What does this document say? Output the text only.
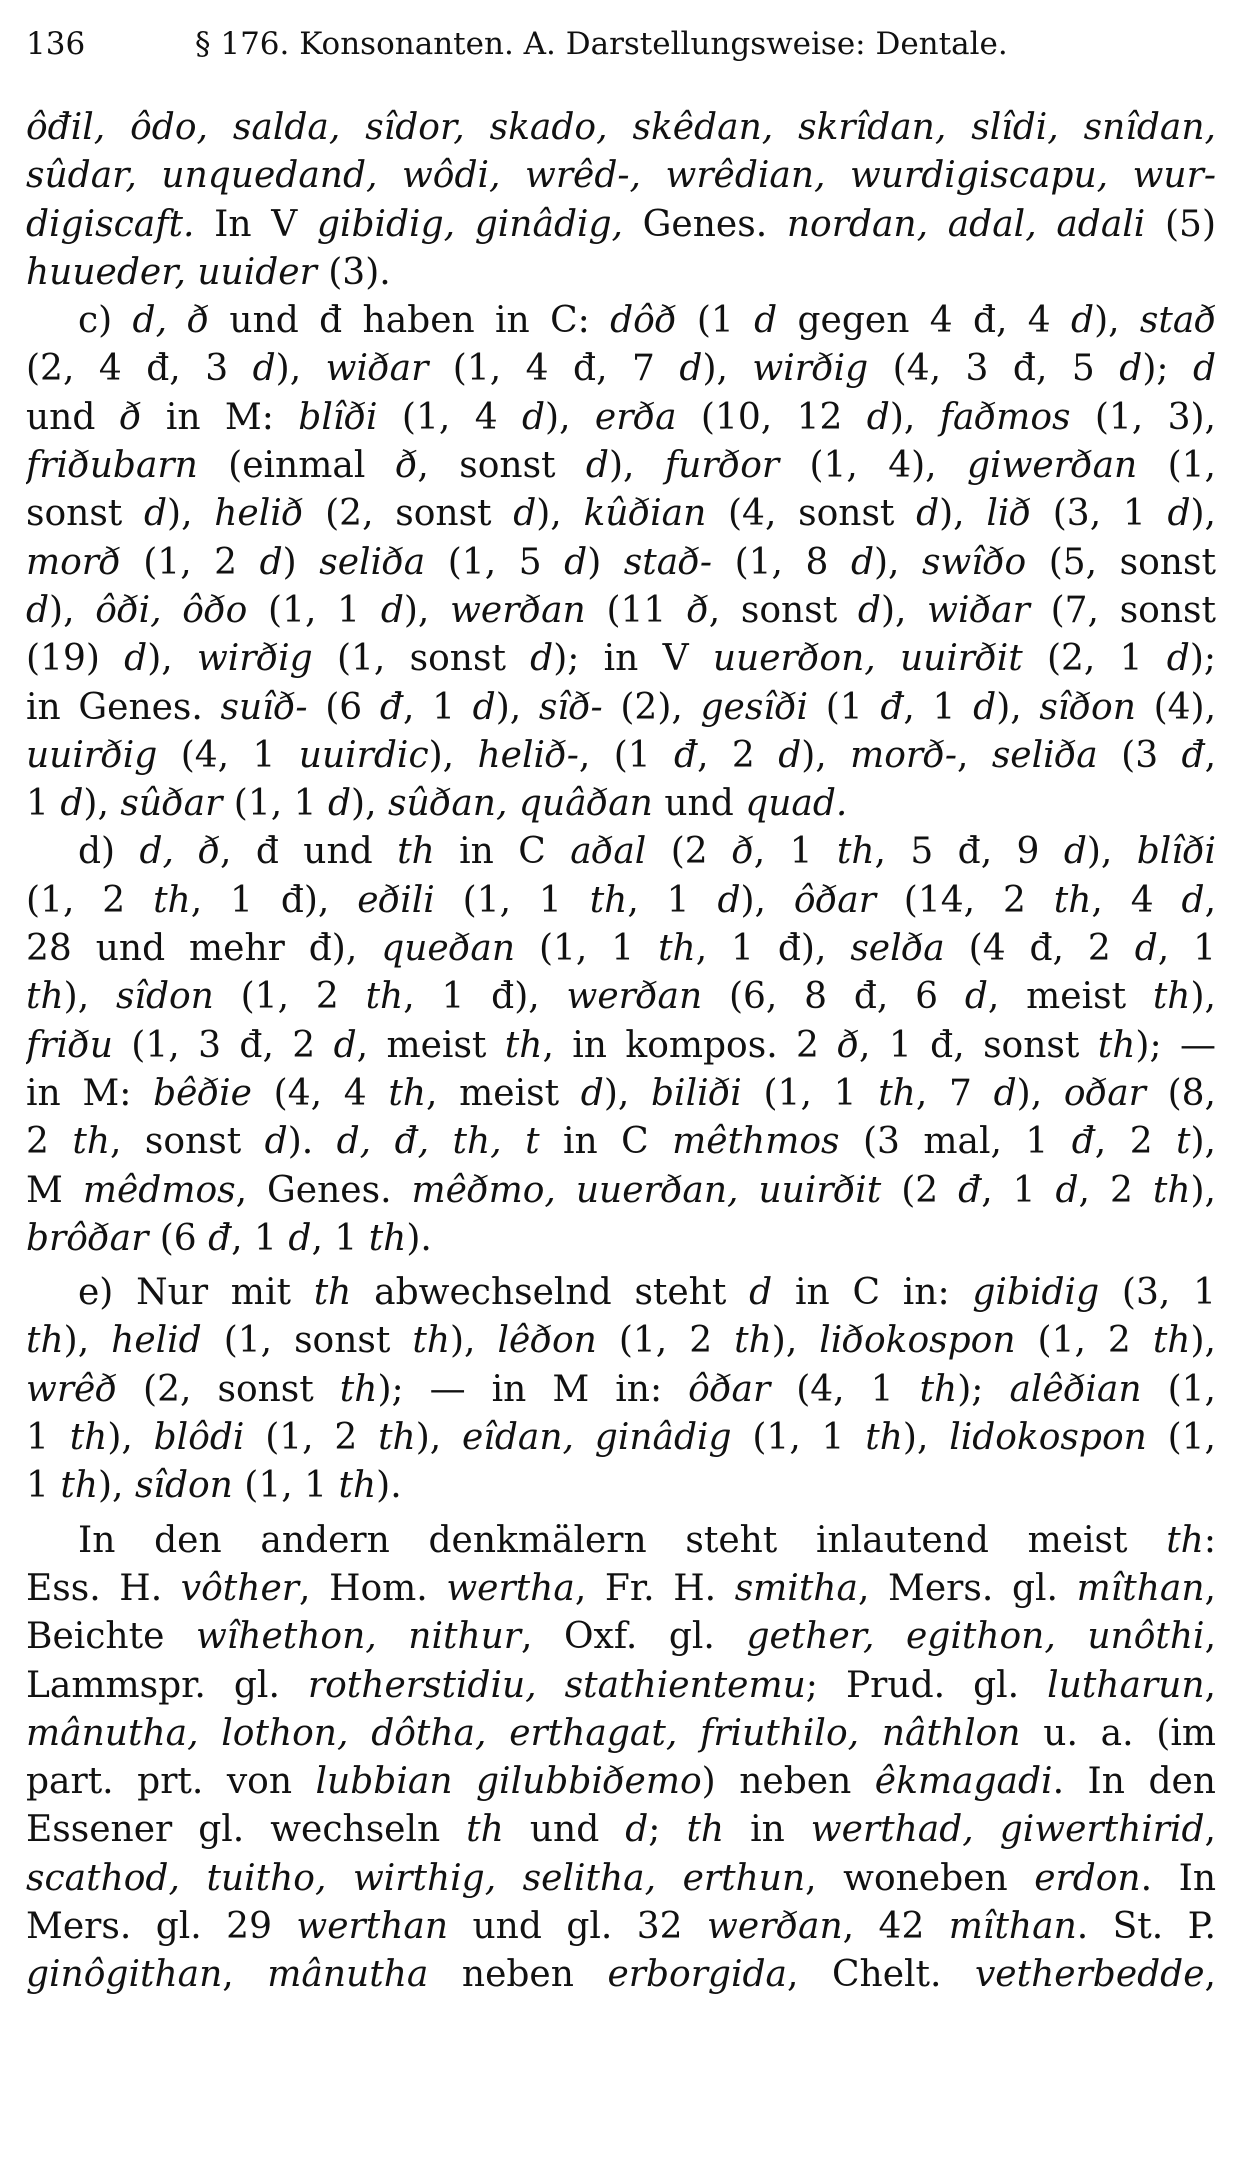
136	§ 176. Konsonanten. A. Darstellungsweise: Dentale.
ôđil, ôdo, salda, sîdor, skado, skêdan, skrîdan, slîdi, snîdan,
sûdar, unquedand, wôdi, wrêd-, wrêdian, wurdigiscapu, wur-
digiscaft. In V gibidig, ginâdig, Genes. nordan, adal, adali (5)
huueder, uuider (3).
c) d, ð und đ haben in C: dôð (1 d gegen 4 đ, 4 d), stað
(2, 4 đ, 3 d), wiðar (1, 4 đ, 7 d), wirðig (4, 3 đ, 5 d); d
und ð in M: blîði (1, 4 d), erða (10, 12 d), faðmos (1, 3),
friðubarn (einmal ð, sonst d), furðor (1, 4), giwerðan (1,
sonst d), helið (2, sonst d), kûðian (4, sonst d), lið (3, 1 d),
morð (1, 2 d) seliða (1, 5 d) stað- (1, 8 d), swîðo (5, sonst
d), ôði, ôðo (1, 1 d), werðan (11 ð, sonst d), wiðar (7, sonst
(19) d), wirðig (1, sonst d); in V uuerðon, uuirðit (2, 1 d);
in Genes. suîð- (6 đ, 1 d), sîð- (2), gesîði (1 đ, 1 d), sîðon (4),
uuirðig (4, 1 uuirdic), helið-, (1 đ, 2 d), morð-, seliða (3 đ,
1 d), sûðar (1, 1 d), sûðan, quâðan und quad.
d) d, ð, đ und th in C aðal (2 ð, 1 th, 5 đ, 9 d), blîði
(1, 2 th, 1 đ), eðili (1, 1 th, 1 d), ôðar (14, 2 th, 4 d,
28 und mehr đ), queðan (1, 1 th, 1 đ), selða (4 đ, 2 d, 1
th), sîdon (1, 2 th, 1 đ), werðan (6, 8 đ, 6 d, meist th),
friðu (1, 3 đ, 2 d, meist th, in kompos. 2 ð, 1 đ, sonst th); —
in M: bêðie (4, 4 th, meist d), biliði (1, 1 th, 7 d), oðar (8,
2 th, sonst d). d, đ, th, t in C mêthmos (3 mal, 1 đ, 2 t),
M mêdmos, Genes. mêðmo, uuerðan, uuirðit (2 đ, 1 d, 2 th),
brôðar (6 đ, 1 d, 1 th).
e) Nur mit th abwechselnd steht d in C in: gibidig (3, 1
th), helid (1, sonst th), lêðon (1, 2 th), liðokospon (1, 2 th),
wrêð (2, sonst th); — in M in: ôðar (4, 1 th); alêðian (1,
1 th), blôdi (1, 2 th), eîdan, ginâdig (1, 1 th), lidokospon (1,
1 th), sîdon (1, 1 th).
In den andern denkmälern steht inlautend meist th:
Ess. H. vôther, Hom. wertha, Fr. H. smitha, Mers. gl. mîthan,
Beichte wîhethon, nithur, Oxf. gl. gether, egithon, unôthi,
Lammspr. gl. rotherstidiu, stathientemu; Prud. gl. lutharun,
mânutha, lothon, dôtha, erthagat, friuthilo, nâthlon u. a. (im
part. prt. von lubbian gilubbiðemo) neben êkmagadi. In den
Essener gl. wechseln th und d; th in werthad, giwerthirid,
scathod, tuitho, wirthig, selitha, erthun, woneben erdon. In
Mers. gl. 29 werthan und gl. 32 werðan, 42 mîthan. St. P.
ginôgithan, mânutha neben erborgida, Chelt. vetherbedde,
